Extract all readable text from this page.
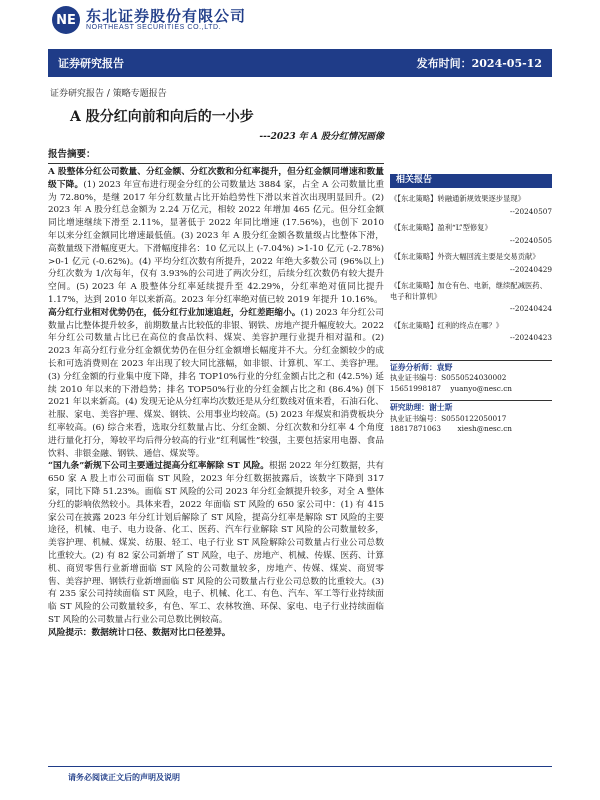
NE 东北证券股份有限公司
NORTHEAST SECURITIES CO.,LTD.
证券研究报告	发布时间：2024-05-12
证券研究报告 / 策略专题报告
A 股分红向前和向后的一小步
---2023 年 A 股分红情况画像
报告摘要：

A 股整体分红公司数量、分红金额、分红次数和分红率提升，但分红金额同增速和数量级下降。(1) 2023 年宣布进行现金分红的公司数量达 3884 家，占全 A 公司数量比重为 72.80%，是继 2017 年分红数量占比开始趋势性下滑以来首次出现明显回升。(2) 2023 年 A 股分红总金额为 2.24 万亿元，相较 2022 年增加 465 亿元。但分红金额同比增速继续下滑至 2.11%，显著低于 2022 年同比增速 (17.56%)，也创下 2010 年以来分红金额同比增速最低值。(3) 2023 年 A 股分红金额各数量级占比整体下滑，高数量级下滑幅度更大。下滑幅度排名：10 亿元以上 (-7.04%) >1-10 亿元 (-2.78%) >0-1 亿元 (-0.62%)。(4) 平均分红次数有所提升，2022 年绝大多数公司 (96%以上) 分红次数为 1/次每年，仅有 3.93%的公司进了两次分红，后续分红次数仍有较大提升空间。(5) 2023 年 A 股整体分红率延续提升至 42.29%，分红率绝对值同比提升 1.17%，达到 2010 年以来新高。2023 年分红率绝对值已较 2019 年提升 10.16%。

高分红行业相对优势仍在，低分红行业加速追赶，分红差距缩小。(1) 2023 年分红公司数量占比整体提升较多，前期数量占比较低的非银、钢铁、房地产提升幅度较大。2022 年分红公司数量占比已在高位的食品饮料、煤炭、美容护理行业提升相对温和。(2) 2023 年高分红行业分红金额优势仍在但分红金额增长幅度并不大。分红金额较少的成长和可选消费则在 2023 年出现了较大同比涨幅，如非银、计算机、军工、美容护理。(3) 分红金额的行业集中度下降，排名 TOP10%行业的分红金额占比之和 (42.5%) 延续 2010 年以来的下滑趋势；排名 TOP50%行业的分红金额占比之和 (86.4%) 创下 2021 年以来新高。(4) 发现无论从分红率均次数还是从分红数线对值来看，石油石化、社服、家电、美容护理、煤炭、钢铁、公用事业均较高。(5) 2023 年煤炭和消费板块分红率较高。(6) 综合来看，选取分红数量占比、分红金额、分红次数和分红率 4 个角度进行量化打分，筹较平均后得分较高的行业“红利属性”较强，主要包括家用电器、食品饮料、非银金融、钢铁、通信、煤炭等。

“国九条”新规下公司主要通过提高分红率解除 ST 风险。根据 2022 年分红数据，共有 650 家 A 股上市公司面临 ST 风险，2023 年分红数据披露后，该数字下降到 317 家，同比下降 51.23%。面临 ST 风险的公司 2023 年分红金额提升较多，对全 A 整体分红的影响依然较小。具体来看，2022 年面临 ST 风险的 650 家公司中：(1) 有 415 家公司在披露 2023 年分红计划后解除了 ST 风险，提高分红率是解除 ST 风险的主要途径，机械、电子、电力设备、化工、医药、汽车行业解除 ST 风险的公司数量较多，美容护理、机械、煤炭、纺服、轻工、电子行业 ST 风险解除公司数量占行业公司总数比重较大。(2) 有 82 家公司新增了 ST 风险，电子、房地产、机械、传媒、医药、计算机、商贸零售行业新增面临 ST 风险的公司数量较多，房地产、传媒、煤炭、商贸零售、美容护理、钢铁行业新增面临 ST 风险的公司数量占行业公司总数的比重较大。(3) 有 235 家公司持续面临 ST 风险，电子、机械、化工、有色、汽车、军工等行业持续面临 ST 风险的公司数量较多，有色、军工、农林牧渔、环保、家电、电子行业持续面临 ST 风险的公司数量占行业公司总数比例较高。

风险提示：数据统计口径、数据对比口径差异。

相关报告
《【东北策略】转融通新规效果逐步显现》
--20240507
《【东北策略】盈利“L”型修复》
--20240505
《【东北策略】外资大幅回流主要是交易贡献》
--20240429
《【东北策略】加仓有色、电新，继续配减医药、电子和计算机》
--20240424
《【东北策略】红利的终点在哪？》
--20240423
证券分析师：袁野
执业证书编号：S0550524030002
15651998187 yuanyo@nesc.cn
研究助理：谢士斯
执业证书编号：S0550122050017
18817871063 xiesh@nesc.cn
请务必阅读正文后的声明及说明
